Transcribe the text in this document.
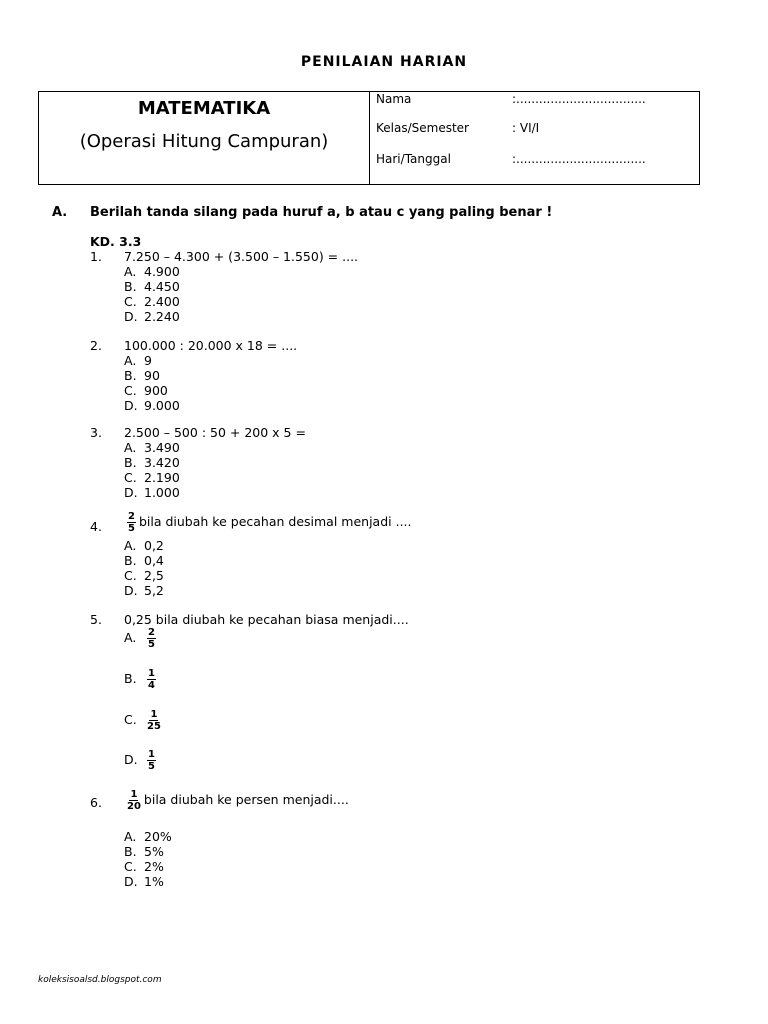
PENILAIAN HARIAN
MATEMATIKA
(Operasi Hitung Campuran)
Nama	:..................................
Kelas/Semester	: VI/I
Hari/Tanggal	:..................................
A. Berilah tanda silang pada huruf a, b atau c yang paling benar !
KD. 3.3
1. 7.250 – 4.300 + (3.500 – 1.550) = ....
A. 4.900
B. 4.450
C. 2.400
D. 2.240
2. 100.000 : 20.000 x 18 = ....
A. 9
B. 90
C. 900
D. 9.000
3. 2.500 – 500 : 50 + 200 x 5 =
A. 3.490
B. 3.420
C. 2.190
D. 1.000
4.	$\frac{2}{5}$ bila diubah ke pecahan desimal menjadi ....
A. 0,2
B. 0,4
C. 2,5
D. 5,2
5. 0,25 bila diubah ke pecahan biasa menjadi....
A. $\frac{2}{5}$
B. $\frac{1}{4}$
C. $\frac{1}{25}$
D. $\frac{1}{5}$
6.	$\frac{1}{20}$ bila diubah ke persen menjadi....
A. 20%
B. 5%
C. 2%
D. 1%
koleksisoalsd.blogspot.com
